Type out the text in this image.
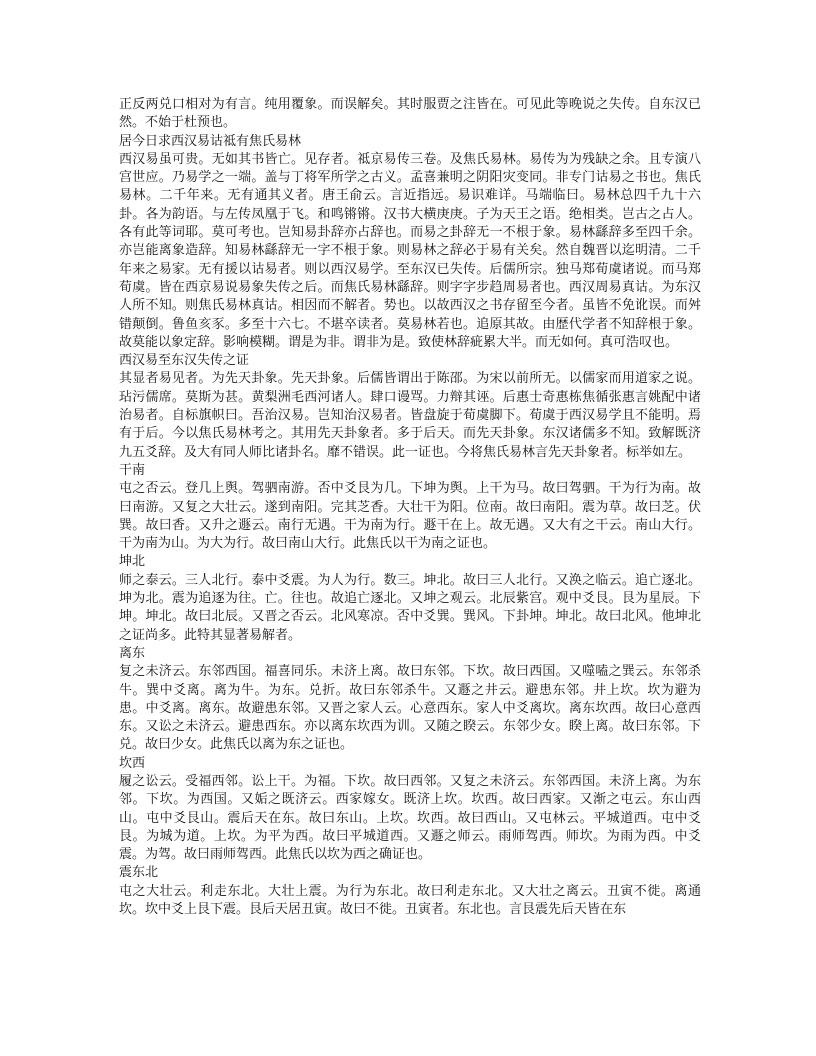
正反两兑口相对为有言。纯用覆象。而误解矣。其时服贾之注皆在。可见此等晚说之失传。自东汉已然。不始于杜预也。

居今日求西汉易诂祗有焦氏易林

西汉易虽可贵。无如其书皆亡。见存者。祗京易传三卷。及焦氏易林。易传为为残缺之余。且专演八宫世应。乃易学之一端。盖与丁将军所学之古义。孟喜兼明之阴阳灾变同。非专门诂易之书也。焦氏易林。二千年来。无有通其义者。唐王俞云。言近指远。易识难详。马端临曰。易林总四千九十六卦。各为韵语。与左传凤凰于飞。和鸣锵锵。汉书大横庚庚。子为天王之语。绝相类。岂古之占人。各有此等词耶。莫可考也。岂知易卦辞亦占辞也。而易之卦辞无一不根于象。易林繇辞多至四千余。亦岂能离象造辞。知易林繇辞无一字不根于象。则易林之辞必于易有关矣。然自魏晋以迄明清。二千年来之易家。无有援以诂易者。则以西汉易学。至东汉已失传。后儒所宗。独马郑荀虞诸说。而马郑荀虞。皆在西京易说易象失传之后。而焦氏易林繇辞。则字字步趋周易者也。西汉周易真诂。为东汉人所不知。则焦氏易林真诂。相因而不解者。势也。以故西汉之书存留至今者。虽皆不免讹误。而舛错颠倒。鲁鱼亥豕。多至十六七。不堪卒读者。莫易林若也。追原其故。由歴代学者不知辞根于象。故莫能以象定辞。影响模糊。谓是为非。谓非为是。致使林辞疵累大半。而无如何。真可浩叹也。

西汉易至东汉失传之证

其显者易见者。为先天卦象。先天卦象。后儒皆谓出于陈邵。为宋以前所无。以儒家而用道家之说。玷污儒席。莫斯为甚。黄梨洲毛西河诸人。肆口谩骂。力辩其诬。后惠士奇惠栋焦循张惠言姚配中诸治易者。自标旗帜曰。吾治汉易。岂知治汉易者。皆盘旋于荀虞脚下。荀虞于西汉易学且不能明。焉有于后。今以焦氏易林考之。其用先天卦象者。多于后天。而先天卦象。东汉诸儒多不知。致解既济九五爻辞。及大有同人师比诸卦名。靡不错误。此一证也。今将焦氏易林言先天卦象者。标举如左。

干南

屯之否云。登几上舆。驾驷南游。否中爻艮为几。下坤为舆。上干为马。故曰驾驷。干为行为南。故曰南游。又复之大壮云。遂到南阳。完其芝香。大壮干为阳。位南。故曰南阳。震为草。故曰芝。伏巽。故曰香。又升之遯云。南行无遇。干为南为行。遯干在上。故无遇。又大有之干云。南山大行。干为南为山。为大为行。故曰南山大行。此焦氏以干为南之证也。

坤北

师之泰云。三人北行。泰中爻震。为人为行。数三。坤北。故曰三人北行。又涣之临云。追亡逐北。坤为北。震为追逐为往。亡。往也。故追亡逐北。又坤之观云。北辰紫宫。观中爻艮。艮为星辰。下坤。坤北。故曰北辰。又晋之否云。北风寒凉。否中爻巽。巽风。下卦坤。坤北。故曰北风。他坤北之证尚多。此特其显著易解者。

离东

复之未济云。东邻西国。福喜同乐。未济上离。故曰东邻。下坎。故曰西国。又噬嗑之巽云。东邻杀牛。巽中爻离。离为牛。为东。兑折。故曰东邻杀牛。又遯之井云。避患东邻。井上坎。坎为避为患。中爻离。离东。故避患东邻。又晋之家人云。心意西东。家人中爻离坎。离东坎西。故曰心意西东。又讼之未济云。避患西东。亦以离东坎西为训。又随之睽云。东邻少女。睽上离。故曰东邻。下兑。故曰少女。此焦氏以离为东之证也。

坎西

履之讼云。受福西邻。讼上干。为福。下坎。故曰西邻。又复之未济云。东邻西国。未济上离。为东邻。下坎。为西国。又姤之既济云。西家嫁女。既济上坎。坎西。故曰西家。又渐之屯云。东山西山。屯中爻艮山。震后天在东。故曰东山。上坎。坎西。故曰西山。又屯林云。平城道西。屯中爻艮。为城为道。上坎。为平为西。故曰平城道西。又遯之师云。雨师驾西。师坎。为雨为西。中爻震。为驾。故曰雨师驾西。此焦氏以坎为西之确证也。

震东北

屯之大壮云。利走东北。大壮上震。为行为东北。故曰利走东北。又大壮之离云。丑寅不徙。离通坎。坎中爻上艮下震。艮后天居丑寅。故曰不徙。丑寅者。东北也。言艮震先后天皆在东
